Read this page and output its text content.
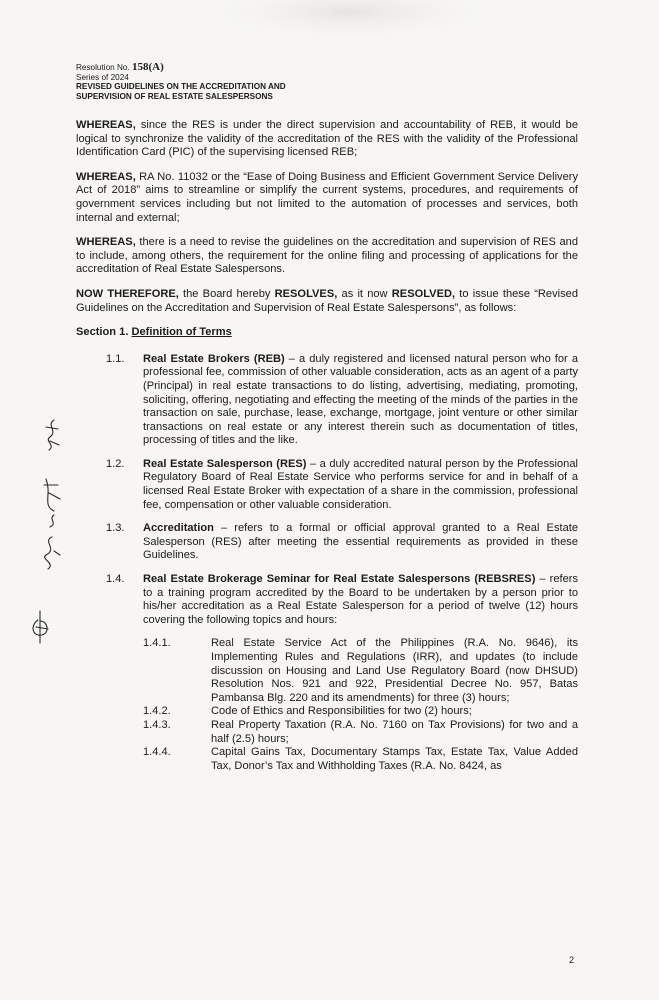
Resolution No. 158(A)
Series of 2024
REVISED GUIDELINES ON THE ACCREDITATION AND
SUPERVISION OF REAL ESTATE SALESPERSONS

WHEREAS, since the RES is under the direct supervision and accountability of REB, it would be logical to synchronize the validity of the accreditation of the RES with the validity of the Professional Identification Card (PIC) of the supervising licensed REB;

WHEREAS, RA No. 11032 or the “Ease of Doing Business and Efficient Government Service Delivery Act of 2018” aims to streamline or simplify the current systems, procedures, and requirements of government services including but not limited to the automation of processes and services, both internal and external;

WHEREAS, there is a need to revise the guidelines on the accreditation and supervision of RES and to include, among others, the requirement for the online filing and processing of applications for the accreditation of Real Estate Salespersons.

NOW THEREFORE, the Board hereby RESOLVES, as it now RESOLVED, to issue these “Revised Guidelines on the Accreditation and Supervision of Real Estate Salespersons”, as follows:

Section 1. Definition of Terms
1.1.	Real Estate Brokers (REB) – a duly registered and licensed natural person who for a professional fee, commission of other valuable consideration, acts as an agent of a party (Principal) in real estate transactions to do listing, advertising, mediating, promoting, soliciting, offering, negotiating and effecting the meeting of the minds of the parties in the transaction on sale, purchase, lease, exchange, mortgage, joint venture or other similar transactions on real estate or any interest therein such as documentation of titles, processing of titles and the like.
1.2.	Real Estate Salesperson (RES) – a duly accredited natural person by the Professional Regulatory Board of Real Estate Service who performs service for and in behalf of a licensed Real Estate Broker with expectation of a share in the commission, professional fee, compensation or other valuable consideration.
1.3.	Accreditation – refers to a formal or official approval granted to a Real Estate Salesperson (RES) after meeting the essential requirements as provided in these Guidelines.
1.4.	Real Estate Brokerage Seminar for Real Estate Salespersons (REBSRES) – refers to a training program accredited by the Board to be undertaken by a person prior to his/her accreditation as a Real Estate Salesperson for a period of twelve (12) hours covering the following topics and hours:
1.4.1.	Real Estate Service Act of the Philippines (R.A. No. 9646), its Implementing Rules and Regulations (IRR), and updates (to include discussion on Housing and Land Use Regulatory Board (now DHSUD) Resolution Nos. 921 and 922, Presidential Decree No. 957, Batas Pambansa Blg. 220 and its amendments) for three (3) hours;
1.4.2.	Code of Ethics and Responsibilities for two (2) hours;
1.4.3.	Real Property Taxation (R.A. No. 7160 on Tax Provisions) for two and a half (2.5) hours;
1.4.4.	Capital Gains Tax, Documentary Stamps Tax, Estate Tax, Value Added Tax, Donor’s Tax and Withholding Taxes (R.A. No. 8424, as
2
